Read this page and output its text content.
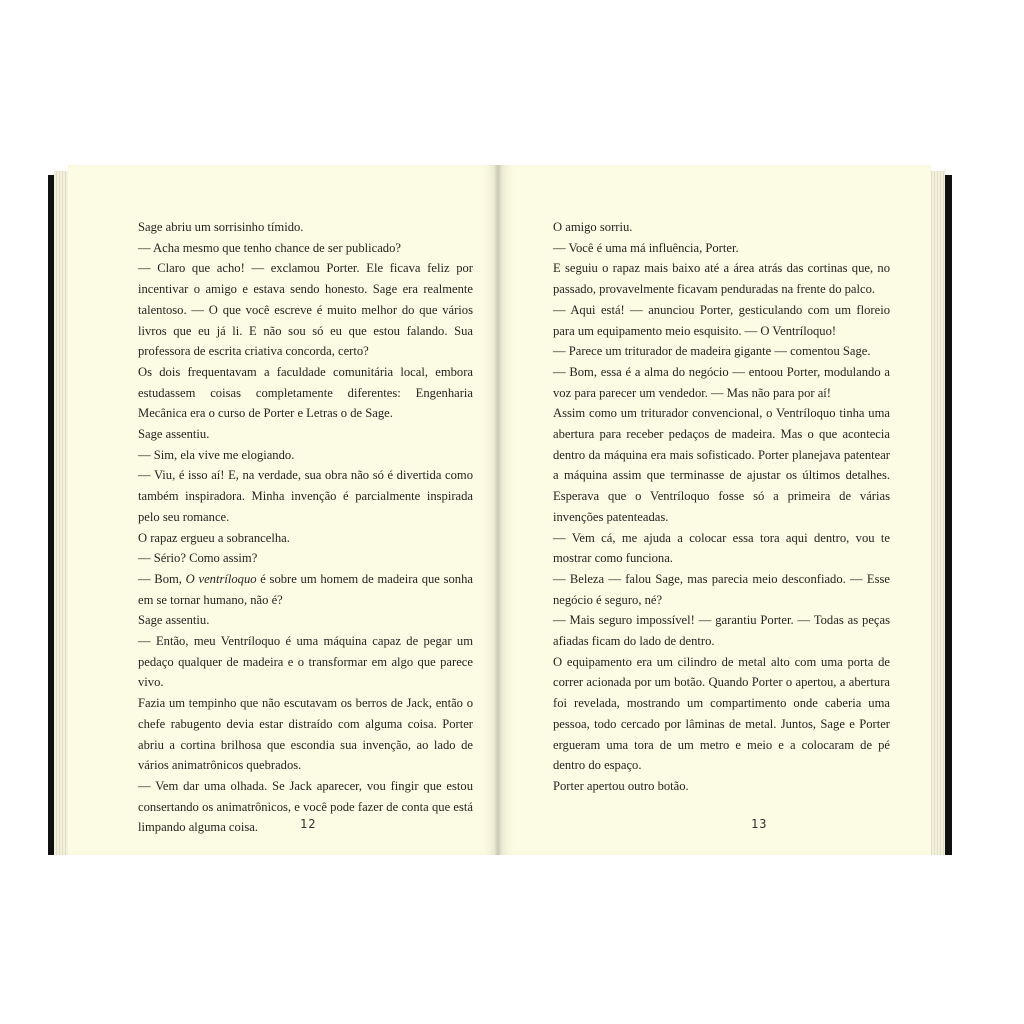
Sage abriu um sorrisinho tímido.

— Acha mesmo que tenho chance de ser publicado?

— Claro que acho! — exclamou Porter. Ele ficava feliz por incentivar o amigo e estava sendo honesto. Sage era realmente talentoso. — O que você escreve é muito melhor do que vários livros que eu já li. E não sou só eu que estou falando. Sua professora de escrita criativa concorda, certo?

Os dois frequentavam a faculdade comunitária local, embora estudassem coisas completamente diferentes: Engenharia Mecânica era o curso de Porter e Letras o de Sage.

Sage assentiu.

— Sim, ela vive me elogiando.

— Viu, é isso aí! E, na verdade, sua obra não só é divertida como também inspiradora. Minha invenção é parcialmente inspirada pelo seu romance.

O rapaz ergueu a sobrancelha.

— Sério? Como assim?

— Bom, O ventríloquo é sobre um homem de madeira que sonha em se tornar humano, não é?

Sage assentiu.

— Então, meu Ventríloquo é uma máquina capaz de pegar um pedaço qualquer de madeira e o transformar em algo que parece vivo.

Fazia um tempinho que não escutavam os berros de Jack, então o chefe rabugento devia estar distraído com alguma coisa. Porter abriu a cortina brilhosa que escondia sua invenção, ao lado de vários animatrônicos quebrados.

— Vem dar uma olhada. Se Jack aparecer, vou fingir que estou consertando os animatrônicos, e você pode fazer de conta que está limpando alguma coisa.	12

O amigo sorriu.

— Você é uma má influência, Porter.

E seguiu o rapaz mais baixo até a área atrás das cortinas que, no passado, provavelmente ficavam penduradas na frente do palco.

— Aqui está! — anunciou Porter, gesticulando com um floreio para um equipamento meio esquisito. — O Ventríloquo!

— Parece um triturador de madeira gigante — comentou Sage.

— Bom, essa é a alma do negócio — entoou Porter, modulando a voz para parecer um vendedor. — Mas não para por aí!

Assim como um triturador convencional, o Ventríloquo tinha uma abertura para receber pedaços de madeira. Mas o que acontecia dentro da máquina era mais sofisticado. Porter planejava patentear a máquina assim que terminasse de ajustar os últimos detalhes. Esperava que o Ventríloquo fosse só a primeira de várias invenções patenteadas.

— Vem cá, me ajuda a colocar essa tora aqui dentro, vou te mostrar como funciona.

— Beleza — falou Sage, mas parecia meio desconfiado. — Esse negócio é seguro, né?

— Mais seguro impossível! — garantiu Porter. — Todas as peças afiadas ficam do lado de dentro.

O equipamento era um cilindro de metal alto com uma porta de correr acionada por um botão. Quando Porter o apertou, a abertura foi revelada, mostrando um compartimento onde caberia uma pessoa, todo cercado por lâminas de metal. Juntos, Sage e Porter ergueram uma tora de um metro e meio e a colocaram de pé dentro do espaço.

Porter apertou outro botão.

13
